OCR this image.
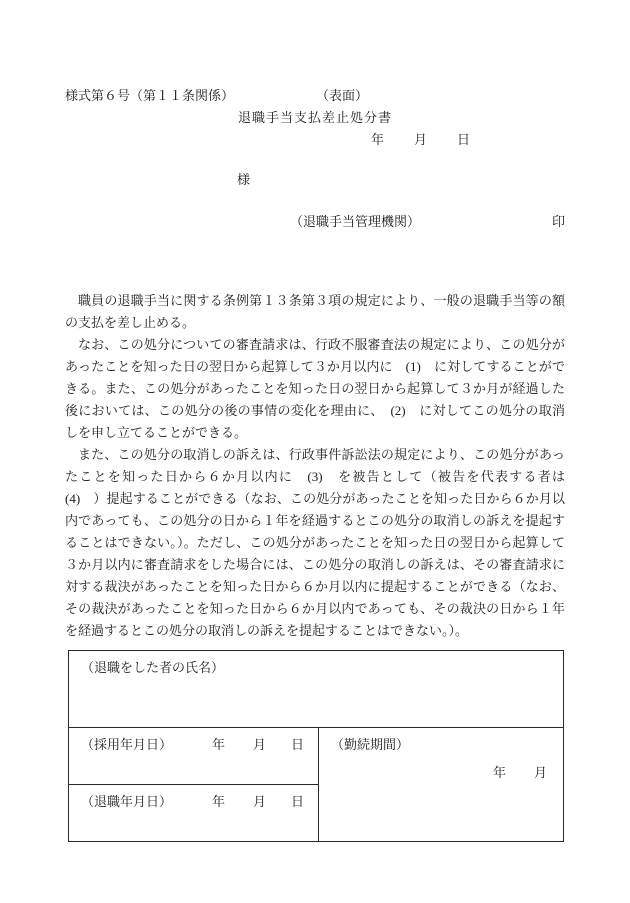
様式第６号（第１１条関係）	（表面）
退職手当支払差止処分書
年 月 日
様
（退職手当管理機関）	印

職員の退職手当に関する条例第１３条第３項の規定により、一般の退職手当等の額の支払を差し止める。

なお、この処分についての審査請求は、行政不服審査法の規定により、この処分があったことを知った日の翌日から起算して３か月以内に　(1)　に対してすることができる。また、この処分があったことを知った日の翌日から起算して３か月が経過した後においては、この処分の後の事情の変化を理由に、　(2)　に対してこの処分の取消しを申し立てることができる。

また、この処分の取消しの訴えは、行政事件訴訟法の規定により、この処分があったことを知った日から６か月以内に　(3)　を被告として（被告を代表する者は　(4)　）提起することができる（なお、この処分があったことを知った日から６か月以内であっても、この処分の日から１年を経過するとこの処分の取消しの訴えを提起することはできない。）。ただし、この処分があったことを知った日の翌日から起算して３か月以内に審査請求をした場合には、この処分の取消しの訴えは、その審査請求に対する裁決があったことを知った日から６か月以内に提起することができる（なお、その裁決があったことを知った日から６か月以内であっても、その裁決の日から１年を経過するとこの処分の取消しの訴えを提起することはできない。）。

（退職をした者の氏名）

（採用年月日）	年 月 日	（勤続期間）
年 月

（退職年月日）	年 月 日
